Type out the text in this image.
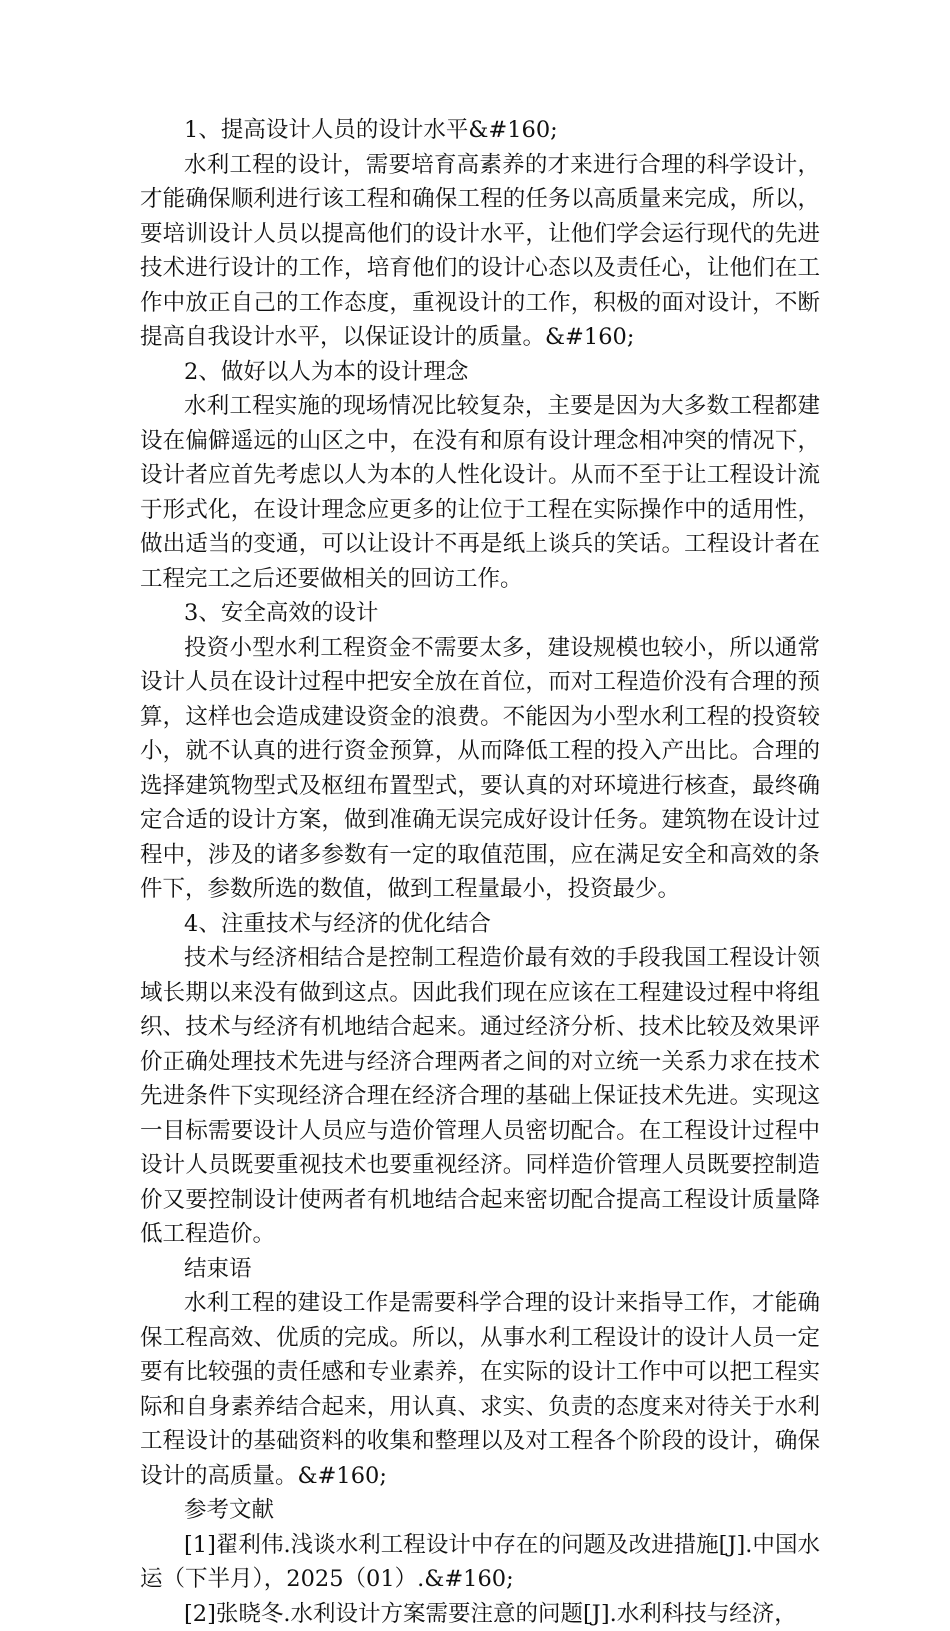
1、提高设计人员的设计水平&#160;

水利工程的设计，需要培育高素养的才来进行合理的科学设计，才能确保顺利进行该工程和确保工程的任务以高质量来完成，所以，要培训设计人员以提高他们的设计水平，让他们学会运行现代的先进技术进行设计的工作，培育他们的设计心态以及责任心，让他们在工作中放正自己的工作态度，重视设计的工作，积极的面对设计，不断提高自我设计水平，以保证设计的质量。&#160;

2、做好以人为本的设计理念

水利工程实施的现场情况比较复杂，主要是因为大多数工程都建设在偏僻遥远的山区之中，在没有和原有设计理念相冲突的情况下，设计者应首先考虑以人为本的人性化设计。从而不至于让工程设计流于形式化，在设计理念应更多的让位于工程在实际操作中的适用性，做出适当的变通，可以让设计不再是纸上谈兵的笑话。工程设计者在工程完工之后还要做相关的回访工作。

3、安全高效的设计

投资小型水利工程资金不需要太多，建设规模也较小，所以通常设计人员在设计过程中把安全放在首位，而对工程造价没有合理的预算，这样也会造成建设资金的浪费。不能因为小型水利工程的投资较小，就不认真的进行资金预算，从而降低工程的投入产出比。合理的选择建筑物型式及枢纽布置型式，要认真的对环境进行核查，最终确定合适的设计方案，做到准确无误完成好设计任务。建筑物在设计过程中，涉及的诸多参数有一定的取值范围，应在满足安全和高效的条件下，参数所选的数值，做到工程量最小，投资最少。

4、注重技术与经济的优化结合

技术与经济相结合是控制工程造价最有效的手段我国工程设计领域长期以来没有做到这点。因此我们现在应该在工程建设过程中将组织、技术与经济有机地结合起来。通过经济分析、技术比较及效果评价正确处理技术先进与经济合理两者之间的对立统一关系力求在技术先进条件下实现经济合理在经济合理的基础上保证技术先进。实现这一目标需要设计人员应与造价管理人员密切配合。在工程设计过程中设计人员既要重视技术也要重视经济。同样造价管理人员既要控制造价又要控制设计使两者有机地结合起来密切配合提高工程设计质量降低工程造价。

结束语

水利工程的建设工作是需要科学合理的设计来指导工作，才能确保工程高效、优质的完成。所以，从事水利工程设计的设计人员一定要有比较强的责任感和专业素养，在实际的设计工作中可以把工程实际和自身素养结合起来，用认真、求实、负责的态度来对待关于水利工程设计的基础资料的收集和整理以及对工程各个阶段的设计，确保设计的高质量。&#160;

参考文献

[1]翟利伟.浅谈水利工程设计中存在的问题及改进措施[J].中国水运（下半月），2025（01）.&#160;

[2]张晓冬.水利设计方案需要注意的问题[J].水利科技与经济，
